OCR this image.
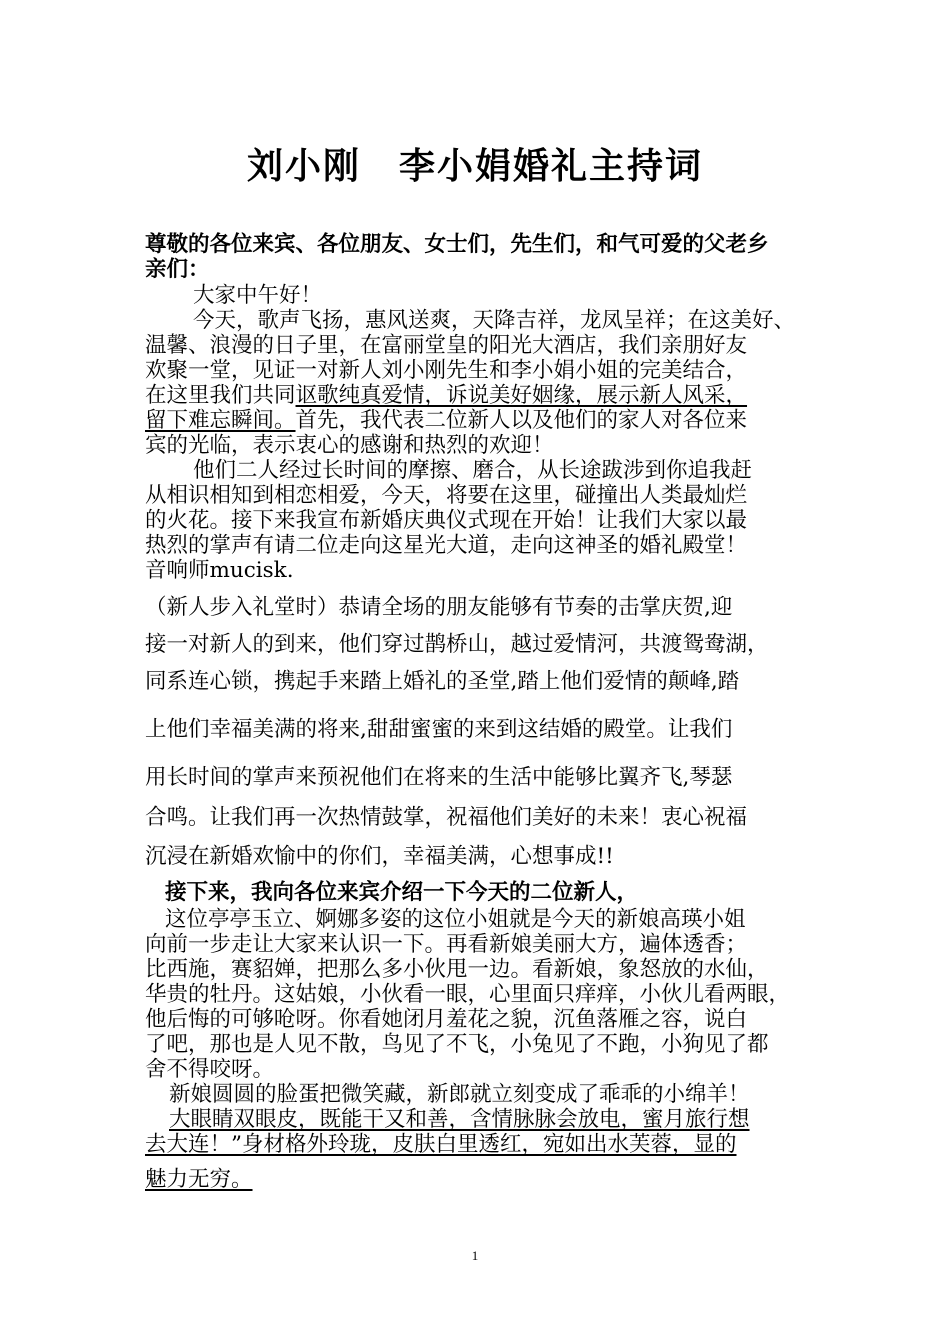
刘小刚　李小娟婚礼主持词
尊敬的各位来宾、各位朋友、女士们，先生们，和气可爱的父老乡
亲们：
大家中午好！
今天，歌声飞扬，惠风送爽，天降吉祥，龙凤呈祥；在这美好、
温馨、浪漫的日子里，在富丽堂皇的阳光大酒店，我们亲朋好友
欢聚一堂，见证一对新人刘小刚先生和李小娟小姐的完美结合，
在这里我们共同讴歌纯真爱情，诉说美好姻缘，展示新人风采，
留下难忘瞬间。首先，我代表二位新人以及他们的家人对各位来
宾的光临，表示衷心的感谢和热烈的欢迎！
他们二人经过长时间的摩擦、磨合，从长途跋涉到你追我赶
从相识相知到相恋相爱，今天，将要在这里，碰撞出人类最灿烂
的火花。接下来我宣布新婚庆典仪式现在开始！让我们大家以最
热烈的掌声有请二位走向这星光大道，走向这神圣的婚礼殿堂！
音响师mucisk.
（新人步入礼堂时）恭请全场的朋友能够有节奏的击掌庆贺,迎
接一对新人的到来，他们穿过鹊桥山，越过爱情河，共渡鸳鸯湖，
同系连心锁，携起手来踏上婚礼的圣堂,踏上他们爱情的颠峰,踏
上他们幸福美满的将来,甜甜蜜蜜的来到这结婚的殿堂。让我们
用长时间的掌声来预祝他们在将来的生活中能够比翼齐飞,琴瑟
合鸣。让我们再一次热情鼓掌，祝福他们美好的未来！衷心祝福
沉浸在新婚欢愉中的你们，幸福美满，心想事成!!
接下来，我向各位来宾介绍一下今天的二位新人，
这位亭亭玉立、婀娜多姿的这位小姐就是今天的新娘高瑛小姐
向前一步走让大家来认识一下。再看新娘美丽大方，遍体透香；
比西施，赛貂婵，把那么多小伙甩一边。看新娘，象怒放的水仙，
华贵的牡丹。这姑娘，小伙看一眼，心里面只痒痒，小伙儿看两眼，
他后悔的可够呛呀。你看她闭月羞花之貌，沉鱼落雁之容，说白
了吧，那也是人见不散，鸟见了不飞，小兔见了不跑，小狗见了都
舍不得咬呀。
新娘圆圆的脸蛋把微笑藏，新郎就立刻变成了乖乖的小绵羊！
大眼睛双眼皮，既能干又和善，含情脉脉会放电，蜜月旅行想
去大连！”身材格外玲珑，皮肤白里透红，宛如出水芙蓉，显的
魅力无穷。
1
